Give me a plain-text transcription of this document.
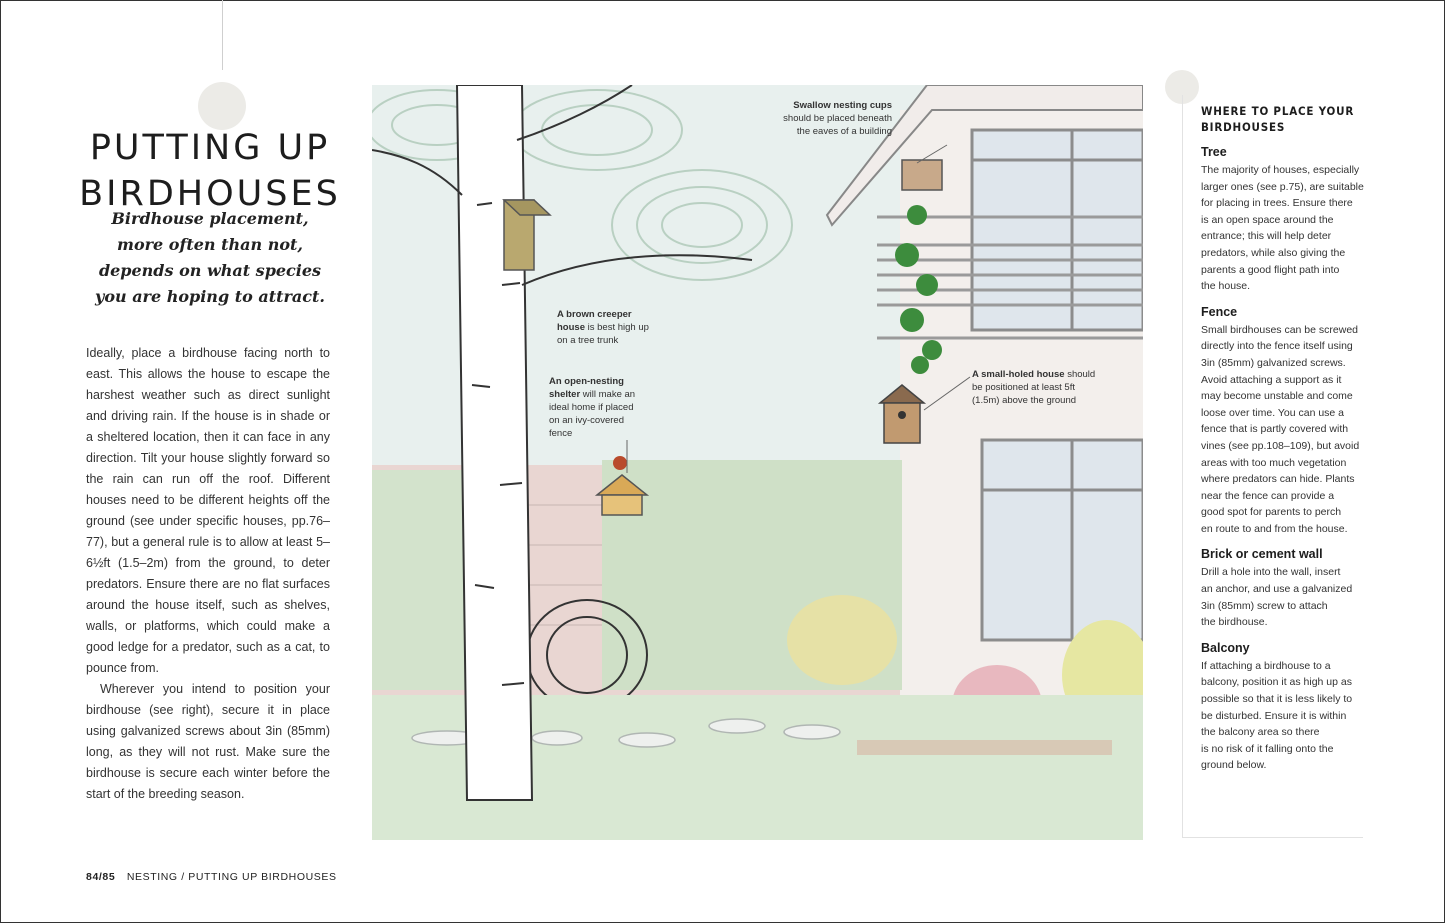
PUTTING UP
BIRDHOUSES
Birdhouse placement,
more often than not,
depends on what species
you are hoping to attract.

Ideally, place a birdhouse facing north to east. This allows the house to escape the harshest weather such as direct sunlight and driving rain. If the house is in shade or a sheltered location, then it can face in any direction. Tilt your house slightly forward so the rain can run off the roof. Different houses need to be different heights off the ground (see under specific houses, pp.76–77), but a general rule is to allow at least 5–6½ft (1.5–2m) from the ground, to deter predators. Ensure there are no flat surfaces around the house itself, such as shelves, walls, or platforms, which could make a good ledge for a predator, such as a cat, to pounce from.

Wherever you intend to position your birdhouse (see right), secure it in place using galvanized screws about 3in (85mm) long, as they will not rust. Make sure the birdhouse is secure each winter before the start of the breeding season.

84/85 NESTING / PUTTING UP BIRDHOUSES
Swallow nesting cups should be placed beneath the eaves of a building
A brown creeper house is best high up on a tree trunk
An open-nesting shelter will make an ideal home if placed on an ivy-covered fence
A small-holed house should be positioned at least 5ft (1.5m) above the ground
WHERE TO PLACE YOUR
BIRDHOUSES
Tree

The majority of houses, especially
larger ones (see p.75), are suitable
for placing in trees. Ensure there
is an open space around the
entrance; this will help deter
predators, while also giving the
parents a good flight path into
the house.

Fence

Small birdhouses can be screwed
directly into the fence itself using
3in (85mm) galvanized screws.
Avoid attaching a support as it
may become unstable and come
loose over time. You can use a
fence that is partly covered with
vines (see pp.108–109), but avoid
areas with too much vegetation
where predators can hide. Plants
near the fence can provide a
good spot for parents to perch
en route to and from the house.

Brick or cement wall

Drill a hole into the wall, insert
an anchor, and use a galvanized
3in (85mm) screw to attach
the birdhouse.

Balcony

If attaching a birdhouse to a
balcony, position it as high up as
possible so that it is less likely to
be disturbed. Ensure it is within
the balcony area so there
is no risk of it falling onto the
ground below.
